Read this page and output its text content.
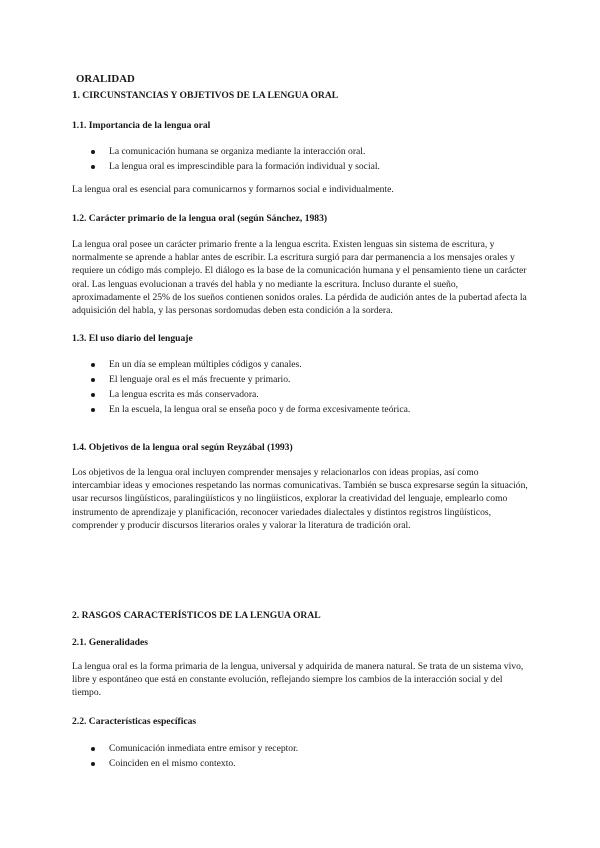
ORALIDAD
1. CIRCUNSTANCIAS Y OBJETIVOS DE LA LENGUA ORAL
1.1. Importancia de la lengua oral
La comunicación humana se organiza mediante la interacción oral.
La lengua oral es imprescindible para la formación individual y social.

La lengua oral es esencial para comunicarnos y formarnos social e individualmente.

1.2. Carácter primario de la lengua oral (según Sánchez, 1983)

La lengua oral posee un carácter primario frente a la lengua escrita. Existen lenguas sin sistema de escritura, y normalmente se aprende a hablar antes de escribir. La escritura surgió para dar permanencia a los mensajes orales y requiere un código más complejo. El diálogo es la base de la comunicación humana y el pensamiento tiene un carácter oral. Las lenguas evolucionan a través del habla y no mediante la escritura. Incluso durante el sueño, aproximadamente el 25% de los sueños contienen sonidos orales. La pérdida de audición antes de la pubertad afecta la adquisición del habla, y las personas sordomudas deben esta condición a la sordera.

1.3. El uso diario del lenguaje
En un día se emplean múltiples códigos y canales.
El lenguaje oral es el más frecuente y primario.
La lengua escrita es más conservadora.
En la escuela, la lengua oral se enseña poco y de forma excesivamente teórica.
1.4. Objetivos de la lengua oral según Reyzábal (1993)

Los objetivos de la lengua oral incluyen comprender mensajes y relacionarlos con ideas propias, así como intercambiar ideas y emociones respetando las normas comunicativas. También se busca expresarse según la situación, usar recursos lingüísticos, paralingüísticos y no lingüísticos, explorar la creatividad del lenguaje, emplearlo como instrumento de aprendizaje y planificación, reconocer variedades dialectales y distintos registros lingüísticos, comprender y producir discursos literarios orales y valorar la literatura de tradición oral.

2. RASGOS CARACTERÍSTICOS DE LA LENGUA ORAL
2.1. Generalidades

La lengua oral es la forma primaria de la lengua, universal y adquirida de manera natural. Se trata de un sistema vivo, libre y espontáneo que está en constante evolución, reflejando siempre los cambios de la interacción social y del tiempo.

2.2. Características específicas
Comunicación inmediata entre emisor y receptor.
Coinciden en el mismo contexto.
